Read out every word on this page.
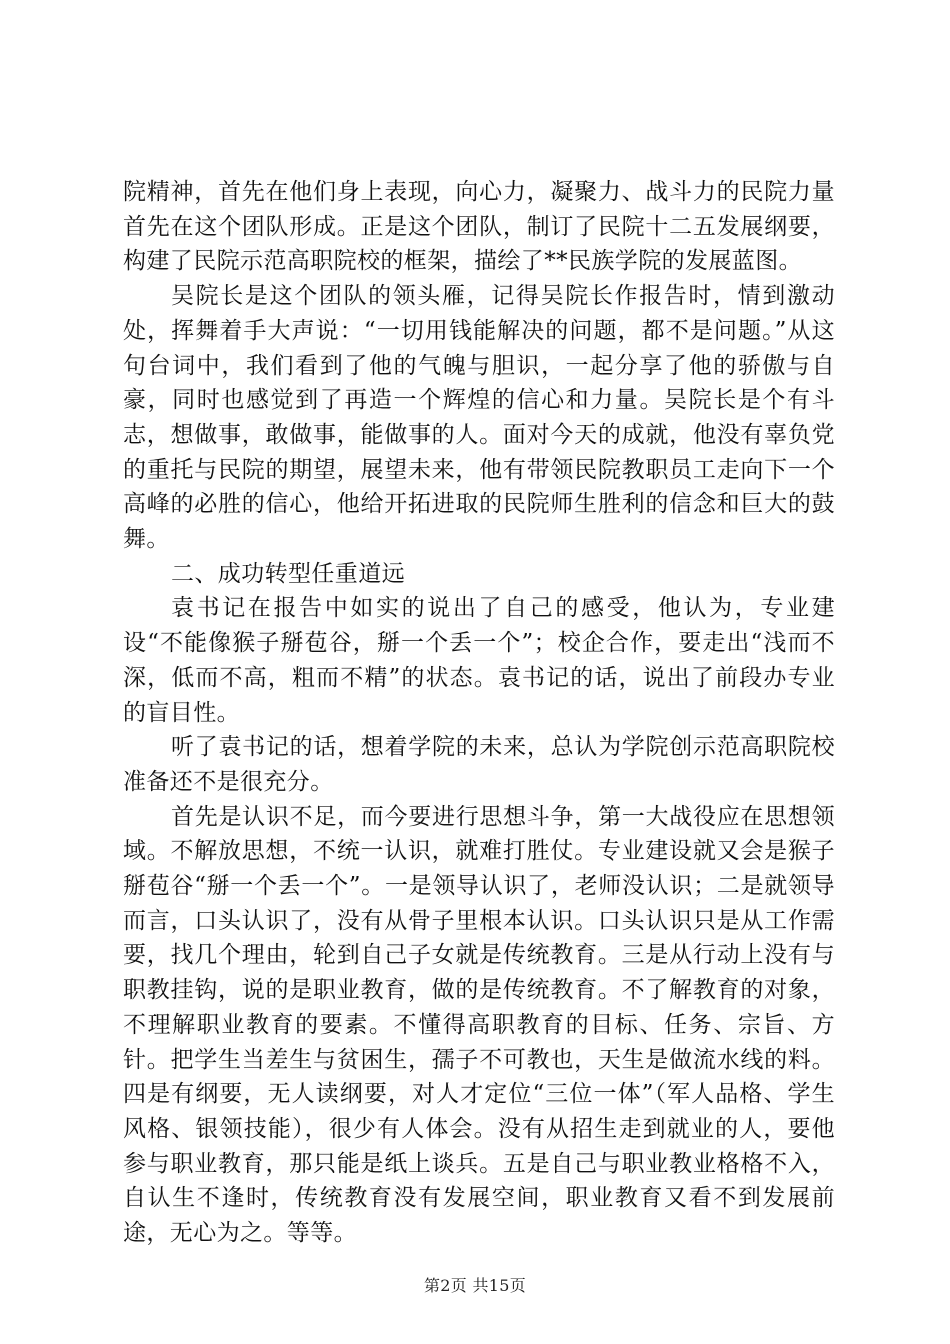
院精神，首先在他们身上表现，向心力，凝聚力、战斗力的民院力量首先在这个团队形成。正是这个团队，制订了民院十二五发展纲要，构建了民院示范高职院校的框架，描绘了**民族学院的发展蓝图。

吴院长是这个团队的领头雁，记得吴院长作报告时，情到激动处，挥舞着手大声说：“一切用钱能解决的问题，都不是问题。”从这句台词中，我们看到了他的气魄与胆识，一起分享了他的骄傲与自豪，同时也感觉到了再造一个辉煌的信心和力量。吴院长是个有斗志，想做事，敢做事，能做事的人。面对今天的成就，他没有辜负党的重托与民院的期望，展望未来，他有带领民院教职员工走向下一个高峰的必胜的信心，他给开拓进取的民院师生胜利的信念和巨大的鼓舞。

二、成功转型任重道远

袁书记在报告中如实的说出了自己的感受，他认为，专业建设“不能像猴子掰苞谷，掰一个丢一个”；校企合作，要走出“浅而不深，低而不高，粗而不精”的状态。袁书记的话，说出了前段办专业的盲目性。

听了袁书记的话，想着学院的未来，总认为学院创示范高职院校准备还不是很充分。

首先是认识不足，而今要进行思想斗争，第一大战役应在思想领域。不解放思想，不统一认识，就难打胜仗。专业建设就又会是猴子掰苞谷“掰一个丢一个”。一是领导认识了，老师没认识；二是就领导而言，口头认识了，没有从骨子里根本认识。口头认识只是从工作需要，找几个理由，轮到自己子女就是传统教育。三是从行动上没有与职教挂钩，说的是职业教育，做的是传统教育。不了解教育的对象，不理解职业教育的要素。不懂得高职教育的目标、任务、宗旨、方针。把学生当差生与贫困生，孺子不可教也，天生是做流水线的料。四是有纲要，无人读纲要，对人才定位“三位一体”（军人品格、学生风格、银领技能），很少有人体会。没有从招生走到就业的人，要他参与职业教育，那只能是纸上谈兵。五是自己与职业教业格格不入，自认生不逢时，传统教育没有发展空间，职业教育又看不到发展前途，无心为之。等等。

第2页 共15页
